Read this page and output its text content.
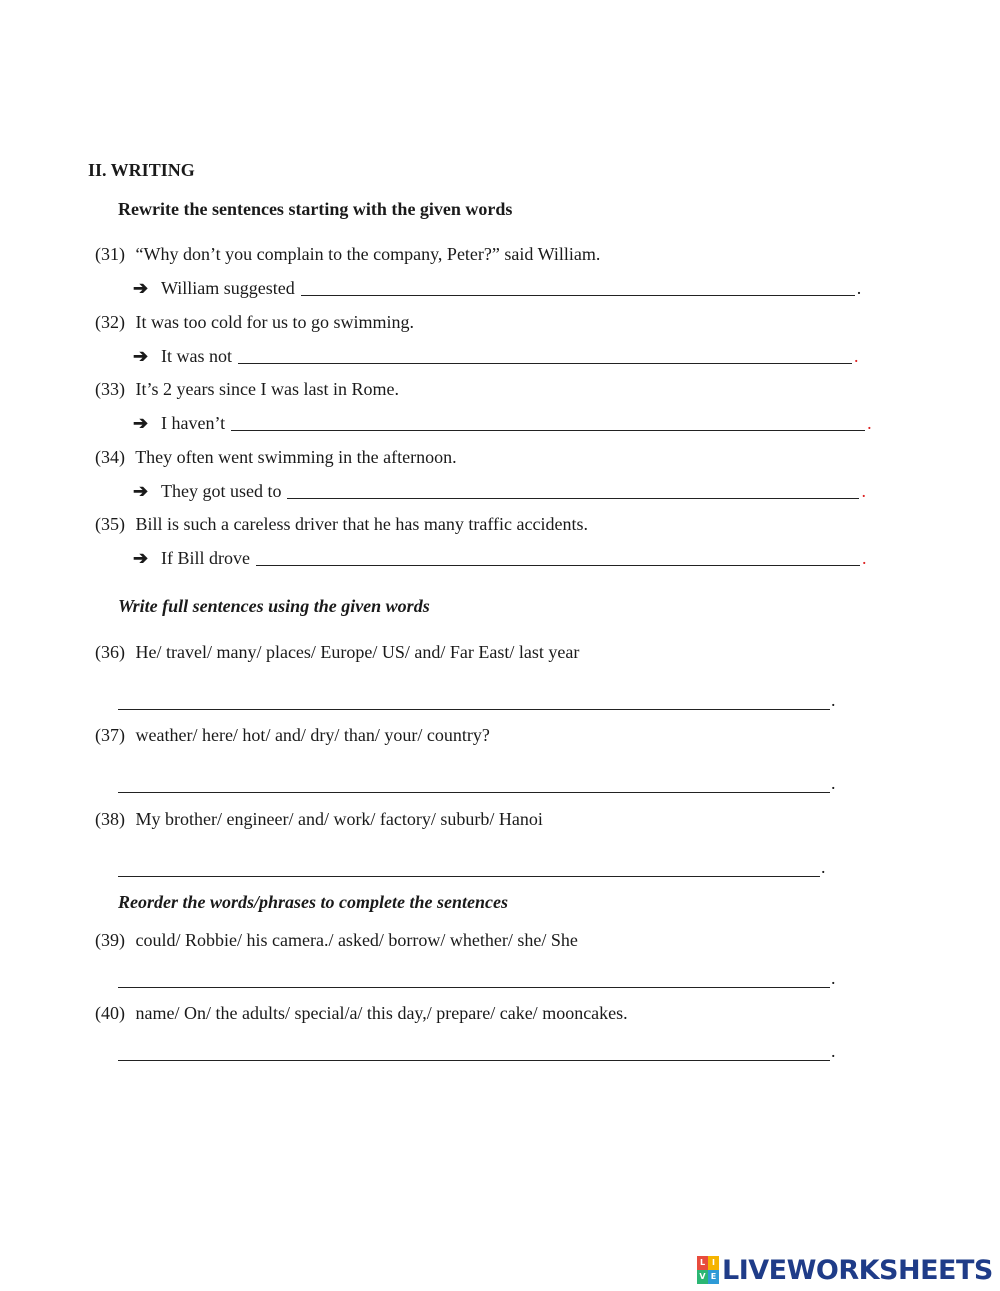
II. WRITING
Rewrite the sentences starting with the given words
(31) “Why don’t you complain to the company, Peter?” said William.
➔ William suggested	.
(32) It was too cold for us to go swimming.
➔ It was not	.
(33) It’s 2 years since I was last in Rome.
➔ I haven’t	.
(34) They often went swimming in the afternoon.
➔ They got used to	.
(35) Bill is such a careless driver that he has many traffic accidents.
➔ If Bill drove	.
Write full sentences using the given words
(36) He/ travel/ many/ places/ Europe/ US/ and/ Far East/ last year
.
(37) weather/ here/ hot/ and/ dry/ than/ your/ country?
.
(38) My brother/ engineer/ and/ work/ factory/ suburb/ Hanoi
.
Reorder the words/phrases to complete the sentences
(39) could/ Robbie/ his camera./ asked/ borrow/ whether/ she/ She
.
(40) name/ On/ the adults/ special/a/ this day,/ prepare/ cake/ mooncakes.
.
L I
V E LIVEWORKSHEETS
